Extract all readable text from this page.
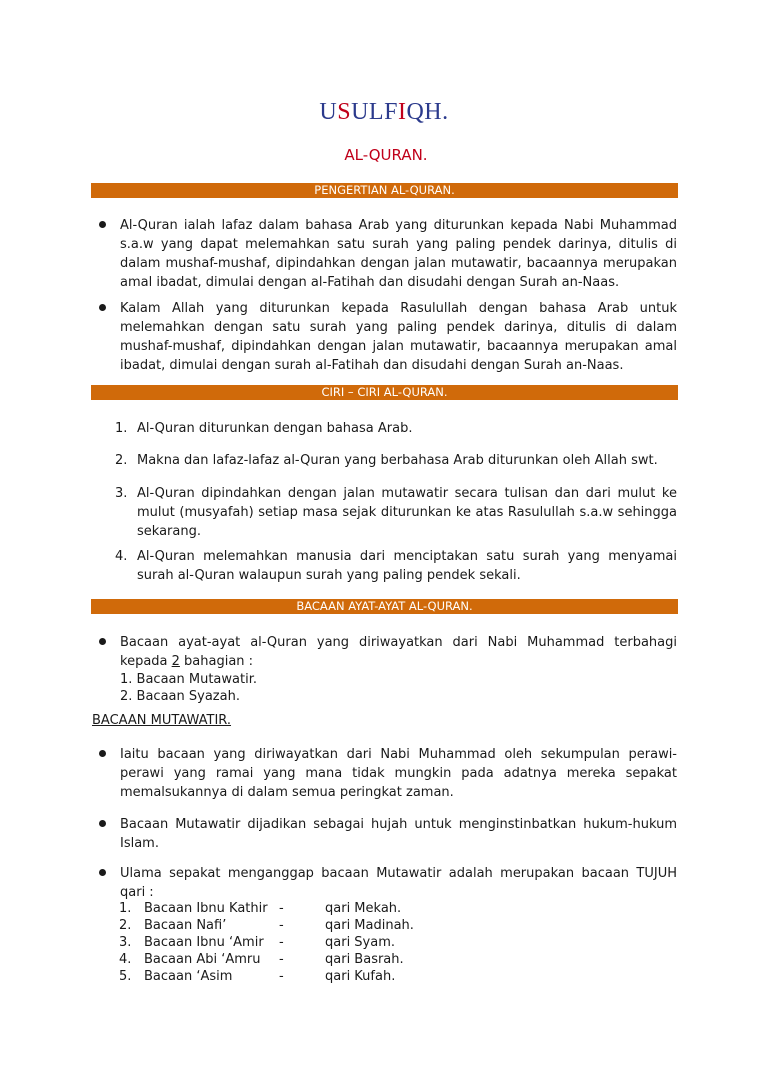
USULFIQH.
AL-QURAN.
PENGERTIAN AL-QURAN.
Al-Quran ialah lafaz dalam bahasa Arab yang diturunkan kepada Nabi Muhammad s.a.w yang dapat melemahkan satu surah yang paling pendek darinya, ditulis di dalam mushaf-mushaf, dipindahkan dengan jalan mutawatir, bacaannya merupakan amal ibadat, dimulai dengan al-Fatihah dan disudahi dengan Surah an-Naas.
Kalam Allah yang diturunkan kepada Rasulullah dengan bahasa Arab untuk melemahkan dengan satu surah yang paling pendek darinya, ditulis di dalam mushaf-mushaf, dipindahkan dengan jalan mutawatir, bacaannya merupakan amal ibadat, dimulai dengan surah al-Fatihah dan disudahi dengan Surah an-Naas.
CIRI – CIRI AL-QURAN.
1. Al-Quran diturunkan dengan bahasa Arab.
2. Makna dan lafaz-lafaz al-Quran yang berbahasa Arab diturunkan oleh Allah swt.
3. Al-Quran dipindahkan dengan jalan mutawatir secara tulisan dan dari mulut ke mulut (musyafah) setiap masa sejak diturunkan ke atas Rasulullah s.a.w sehingga sekarang.
4. Al-Quran melemahkan manusia dari menciptakan satu surah yang menyamai surah al-Quran walaupun surah yang paling pendek sekali.
BACAAN AYAT-AYAT AL-QURAN.
Bacaan ayat-ayat al-Quran yang diriwayatkan dari Nabi Muhammad terbahagi kepada 2 bahagian :
1. Bacaan Mutawatir.
2. Bacaan Syazah.
BACAAN MUTAWATIR.
Iaitu bacaan yang diriwayatkan dari Nabi Muhammad oleh sekumpulan perawi-perawi yang ramai yang mana tidak mungkin pada adatnya mereka sepakat memalsukannya di dalam semua peringkat zaman.
Bacaan Mutawatir dijadikan sebagai hujah untuk menginstinbatkan hukum-hukum Islam.
Ulama sepakat menganggap bacaan Mutawatir adalah merupakan bacaan TUJUH qari :
1.	Bacaan Ibnu Kathir	-	qari Mekah.
2.	Bacaan Nafi’	-	qari Madinah.
3.	Bacaan Ibnu ‘Amir	-	qari Syam.
4.	Bacaan Abi ‘Amru	-	qari Basrah.
5.	Bacaan ‘Asim	-	qari Kufah.
